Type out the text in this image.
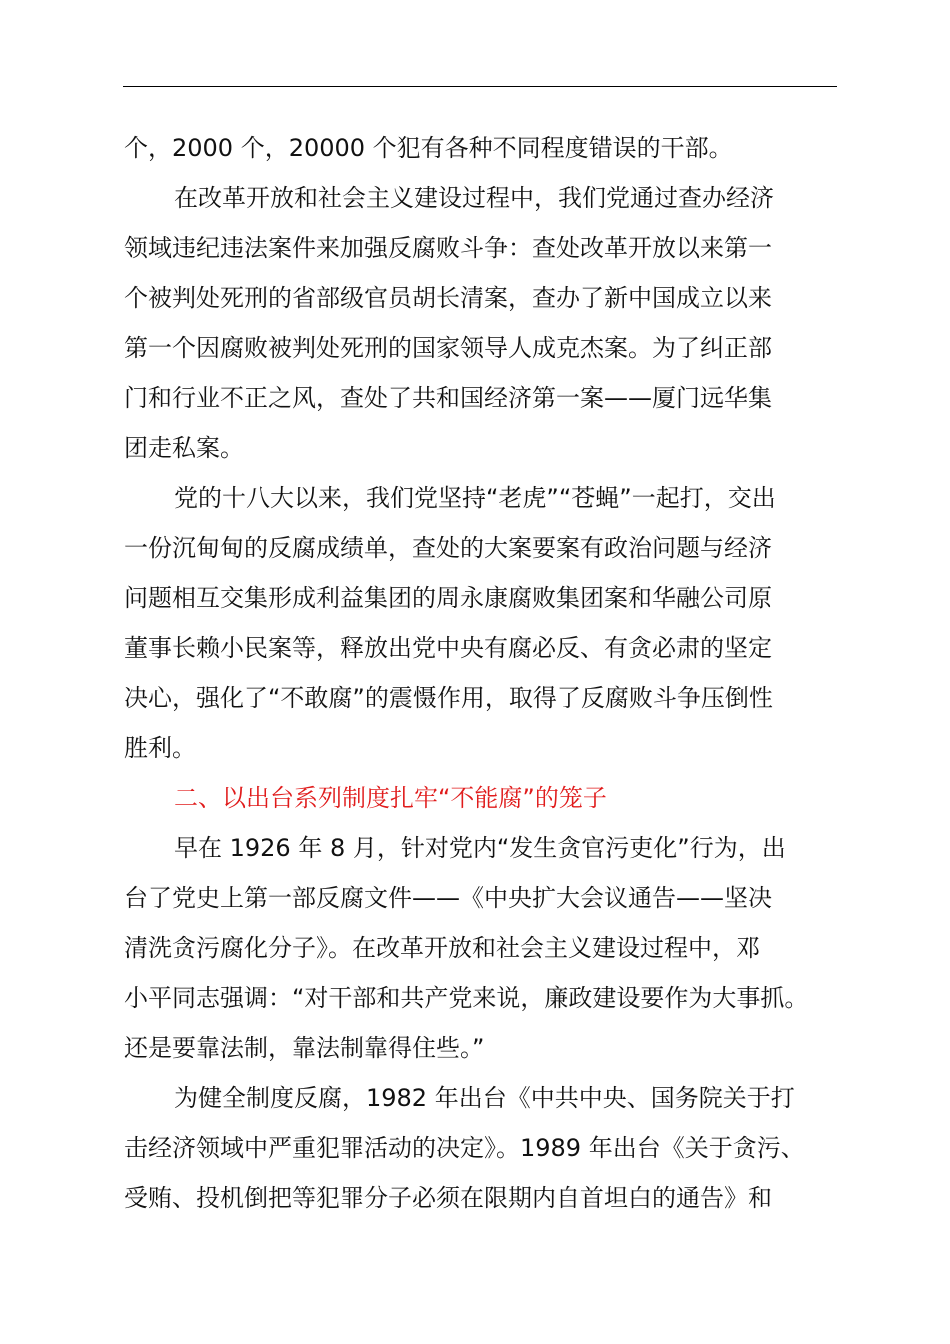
个，2000 个，20000 个犯有各种不同程度错误的干部。
在改革开放和社会主义建设过程中，我们党通过查办经济
领域违纪违法案件来加强反腐败斗争：查处改革开放以来第一
个被判处死刑的省部级官员胡长清案，查办了新中国成立以来
第一个因腐败被判处死刑的国家领导人成克杰案。为了纠正部
门和行业不正之风，查处了共和国经济第一案——厦门远华集
团走私案。
党的十八大以来，我们党坚持“老虎”“苍蝇”一起打，交出
一份沉甸甸的反腐成绩单，查处的大案要案有政治问题与经济
问题相互交集形成利益集团的周永康腐败集团案和华融公司原
董事长赖小民案等，释放出党中央有腐必反、有贪必肃的坚定
决心，强化了“不敢腐”的震慑作用，取得了反腐败斗争压倒性
胜利。
二、以出台系列制度扎牢“不能腐”的笼子
早在 1926 年 8 月，针对党内“发生贪官污吏化”行为，出
台了党史上第一部反腐文件——《中央扩大会议通告——坚决
清洗贪污腐化分子》。在改革开放和社会主义建设过程中，邓
小平同志强调：“对干部和共产党来说，廉政建设要作为大事抓。
还是要靠法制，靠法制靠得住些。”
为健全制度反腐，1982 年出台《中共中央、国务院关于打
击经济领域中严重犯罪活动的决定》。1989 年出台《关于贪污、
受贿、投机倒把等犯罪分子必须在限期内自首坦白的通告》和
